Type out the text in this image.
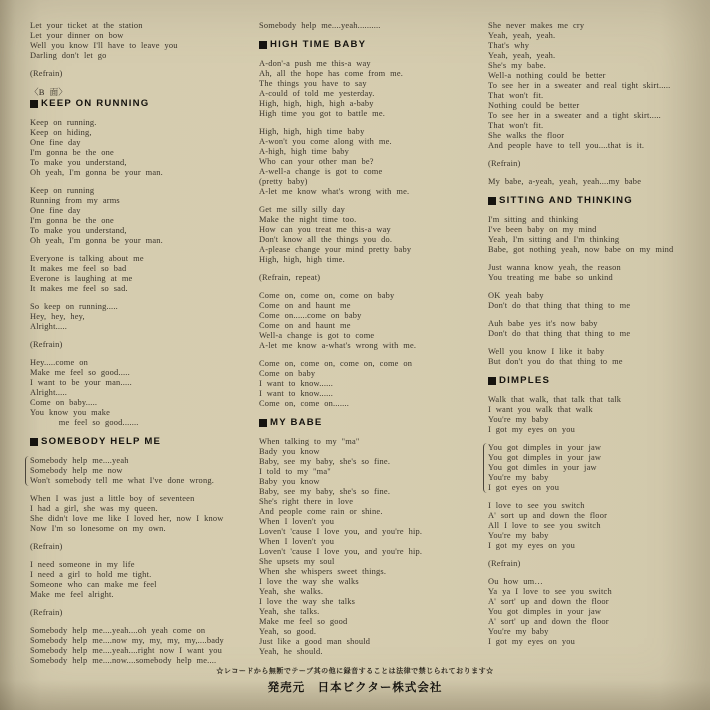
Let your ticket at the station
Let your dinner on bow
Well you know I'll have to leave you
Darling don't let go
(Refrain)
〈B 面〉
KEEP ON RUNNING
Keep on running.
Keep on hiding,
One fine day
I'm gonna be the one
To make you understand,
Oh yeah, I'm gonna be your man.
Keep on running
Running from my arms
One fine day
I'm gonna be the one
To make you understand,
Oh yeah, I'm gonna be your man.
Everyone is talking about me
It makes me feel so bad
Everone is laughing at me
It makes me feel so sad.
So keep on running.....
Hey, hey, hey,
Alright.....
(Refrain)
Hey.....come on
Make me feel so good.....
I want to be your man.....
Alright.....
Come on baby.....
You know you make
me feel so good.......
SOMEBODY HELP ME
Somebody help me....yeah
Somebody help me now
Won't somebody tell me what I've done wrong.
When I was just a little boy of seventeen
I had a girl, she was my queen.
She didn't love me like I loved her, now I know
Now I'm so lonesome on my own.
(Refrain)
I need someone in my life
I need a girl to hold me tight.
Someone who can make me feel
Make me feel alright.
(Refrain)
Somebody help me....yeah....oh yeah come on
Somebody help me....now my, my, my, my,....bady
Somebody help me....yeah....right now I want you
Somebody help me....now....somebody help me....
Somebody help me....yeah..........
HIGH TIME BABY
A-don'-a push me this-a way
Ah, all the hope has come from me.
The things you have to say
A-could of told me yesterday.
High, high, high, high a-baby
High time you got to battle me.
High, high, high time baby
A-won't you come along with me.
A-high, high time baby
Who can your other man be?
A-well-a change is got to come
(pretty baby)
A-let me know what's wrong with me.
Get me silly silly day
Make the night time too.
How can you treat me this-a way
Don't know all the things you do.
A-please change your mind pretty baby
High, high, high time.
(Refrain, repeat)
Come on, come on, come on baby
Come on and haunt me
Come on......come on baby
Come on and haunt me
Well-a change is got to come
A-let me know a-what's wrong with me.
Come on, come on, come on, come on
Come on baby
I want to know......
I want to know......
Come on, come on.......
MY BABE
When talking to my "ma"
Bady you know
Baby, see my baby, she's so fine.
I told to my "ma"
Baby you know
Baby, see my baby, she's so fine.
She's right there in love
And people come rain or shine.
When I loven't you
Loven't 'cause I love you, and you're hip.
When I loven't you
Loven't 'cause I love you, and you're hip.
She upsets my soul
When she whispers sweet things.
I love the way she walks
Yeah, she walks.
I love the way she talks
Yeah, she talks.
Make me feel so good
Yeah, so good.
Just like a good man should
Yeah, he should.
She never makes me cry
Yeah, yeah, yeah.
That's why
Yeah, yeah, yeah.
She's my babe.
Well-a nothing could be better
To see her in a sweater and real tight skirt.....
That won't fit.
Nothing could be better
To see her in a sweater and a tight skirt.....
That won't fit.
She walks the floor
And people have to tell you....that is it.
(Refrain)
My babe, a-yeah, yeah, yeah....my babe
SITTING AND THINKING
I'm sitting and thinking
I've been baby on my mind
Yeah, I'm sitting and I'm thinking
Babe, got nothing yeah, now babe on my mind
Just wanna know yeah, the reason
You treating me babe so unkind
OK yeah baby
Don't do that thing that thing to me
Auh babe yes it's now baby
Don't do that thing that thing to me
Well you know I like it baby
But don't you do that thing to me
DIMPLES
Walk that walk, that talk that talk
I want you walk that walk
You're my baby
I got my eyes on you
You got dimples in your jaw
You got dimples in your jaw
You got dimles in your jaw
You're my baby
I got eyes on you
I love to see you switch
A' sort up and down the floor
All I love to see you switch
You're my baby
I got my eyes on you
(Refrain)
Ou how um…
Ya ya I love to see you switch
A' sort' up and down the floor
You got dimples in your jaw
A' sort' up and down the floor
You're my baby
I got my eyes on you
☆レコードから無断でテープ其の他に録音することは法律で禁じられております☆
発売元　日本ビクター株式会社
